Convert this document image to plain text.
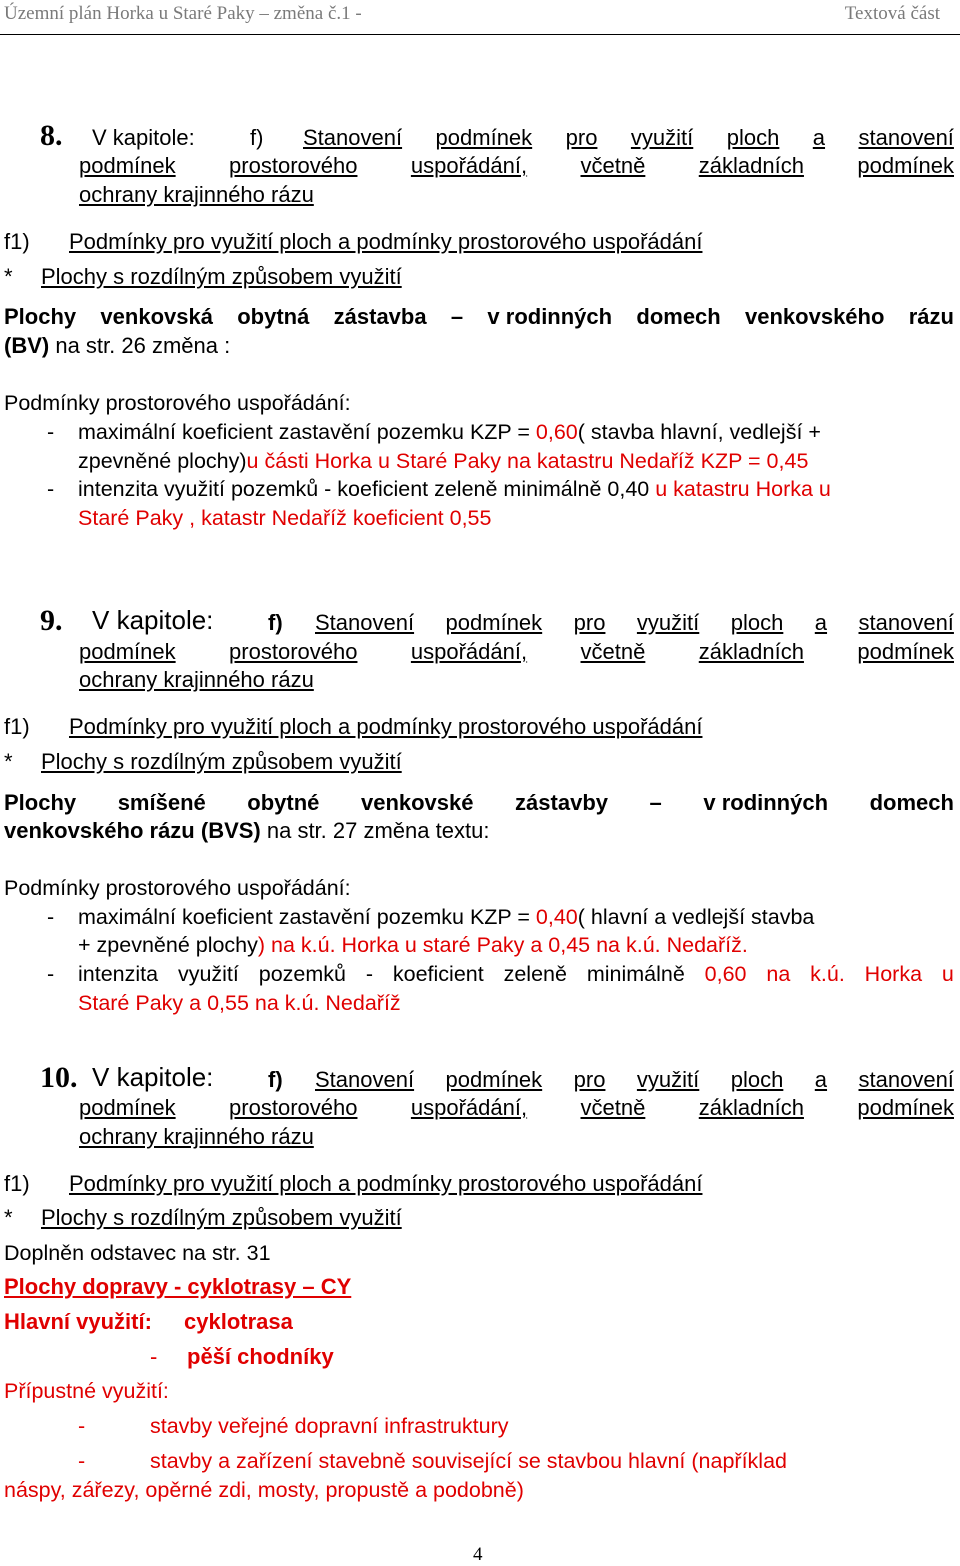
Územní plán Horka u Staré Paky – změna č.1 -	Textová část
8. V kapitole:	f) Stanovení podmínek pro využití ploch a stanovení
podmínek prostorového uspořádání, včetně základních podmínek
ochrany krajinného rázu
f1) Podmínky pro využití ploch a podmínky prostorového uspořádání
* Plochy s rozdílným způsobem využití
Plochy venkovská obytná zástavba – v rodinných domech venkovského rázu
(BV) na str. 26 změna :
Podmínky prostorového uspořádání:
- maximální koeficient zastavění pozemku KZP = 0,60( stavba hlavní, vedlejší +
zpevněné plochy)u části Horka u Staré Paky na katastru Nedaříž KZP = 0,45
- intenzita využití pozemků - koeficient zeleně minimálně 0,40 u katastru Horka u
Staré Paky , katastr Nedaříž koeficient 0,55
9. V kapitole: f) Stanovení podmínek pro využití ploch a stanovení
podmínek prostorového uspořádání, včetně základních podmínek
ochrany krajinného rázu
f1) Podmínky pro využití ploch a podmínky prostorového uspořádání
* Plochy s rozdílným způsobem využití
Plochy smíšené obytné venkovské zástavby – v rodinných domech
venkovského rázu (BVS) na str. 27 změna textu:
Podmínky prostorového uspořádání:
- maximální koeficient zastavění pozemku KZP = 0,40( hlavní a vedlejší stavba
+ zpevněné plochy) na k.ú. Horka u staré Paky a 0,45 na k.ú. Nedaříž.
- intenzita využití pozemků - koeficient zeleně minimálně 0,60 na k.ú. Horka u
Staré Paky a 0,55 na k.ú. Nedaříž
10. V kapitole: f) Stanovení podmínek pro využití ploch a stanovení
podmínek prostorového uspořádání, včetně základních podmínek
ochrany krajinného rázu
f1) Podmínky pro využití ploch a podmínky prostorového uspořádání
* Plochy s rozdílným způsobem využití
Doplněn odstavec na str. 31
Plochy dopravy - cyklotrasy – CY
Hlavní využití: cyklotrasa
- pěší chodníky
Přípustné využití:
-	stavby veřejné dopravní infrastruktury
-	stavby a zařízení stavebně související se stavbou hlavní (například
náspy, zářezy, opěrné zdi, mosty, propustě a podobně)
4
